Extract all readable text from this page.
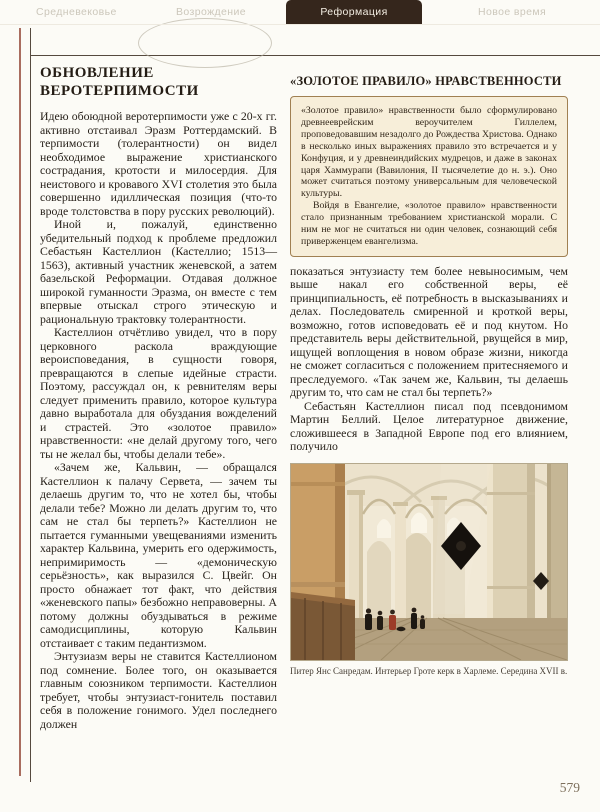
Средневековье	Возрождение	Реформация	Новое время
ОБНОВЛЕНИЕ ВЕРОТЕРПИМОСТИ

Идею обоюдной веротерпимости уже с 20-х гг. активно отстаивал Эразм Роттердамский. В терпимости (толерантности) он видел необходимое выражение христианского сострадания, кротости и милосердия. Для неистового и кровавого XVI столетия это была совершенно идиллическая позиция (что-то вроде толстовства в пору русских революций).

Иной и, пожалуй, единственно убедительный подход к проблеме предложил Себастьян Кастеллион (Кастеллио; 1513—1563), активный участник женевской, а затем базельской Реформации. Отдавая должное широкой гуманности Эразма, он вместе с тем впервые отыскал строго этическую и рациональную трактовку толерантности.

Кастеллион отчётливо увидел, что в пору церковного раскола враждующие вероисповедания, в сущности говоря, превращаются в слепые идейные страсти. Поэтому, рассуждал он, к ревнителям веры следует применить правило, которое культура давно выработала для обуздания вожделений и страстей. Это «золотое правило» нравственности: «не делай другому того, чего ты не желал бы, чтобы делали тебе».

«Зачем же, Кальвин, — обращался Кастеллион к палачу Сервета, — зачем ты делаешь другим то, что не хотел бы, чтобы делали тебе? Можно ли делать другим то, что сам не стал бы терпеть?» Кастеллион не пытается гуманными увещеваниями изменить характер Кальвина, умерить его одержимость, непримиримость — «демоническую серьёзность», как выразился С. Цвейг. Он просто обнажает тот факт, что действия «женевского папы» безбожно неправоверны. А потому должны обуздываться в режиме самодисциплины, которую Кальвин отстаивает с таким педантизмом.

Энтузиазм веры не ставится Кастеллионом под сомнение. Более того, он оказывается главным союзником терпимости. Кастеллион требует, чтобы энтузиаст-гонитель поставил себя в положение гонимого. Удел последнего должен

«ЗОЛОТОЕ ПРАВИЛО» НРАВСТВЕННОСТИ

«Золотое правило» нравственности было сформулировано древнееврейским вероучителем Гиллелем, проповедовавшим незадолго до Рождества Христова. Однако в несколько иных выражениях правило это встречается и у Конфуция, и у древнеиндийских мудрецов, и даже в законах царя Хаммурапи (Вавилония, II тысячелетие до н. э.). Оно может считаться поэтому универсальным для человеческой культуры.

Войдя в Евангелие, «золотое правило» нравственности стало признанным требованием христианской морали. С ним не мог не считаться ни один человек, сознающий себя приверженцем евангелизма.

показаться энтузиасту тем более невыносимым, чем выше накал его собственной веры, её принципиальность, её потребность в высказываниях и делах. Последователь смиренной и кроткой веры, возможно, готов исповедовать её и под кнутом. Но представитель веры действительной, рвущейся в мир, ищущей воплощения в новом образе жизни, никогда не сможет согласиться с положением притесняемого и преследуемого. «Так зачем же, Кальвин, ты делаешь другим то, что сам не стал бы терпеть?»

Себастьян Кастеллион писал под псевдонимом Мартин Беллий. Целое литературное движение, сложившееся в Западной Европе под его влиянием, получило

Питер Янс Санредам. Интерьер Гроте керк в Харлеме. Середина XVII в.
579
